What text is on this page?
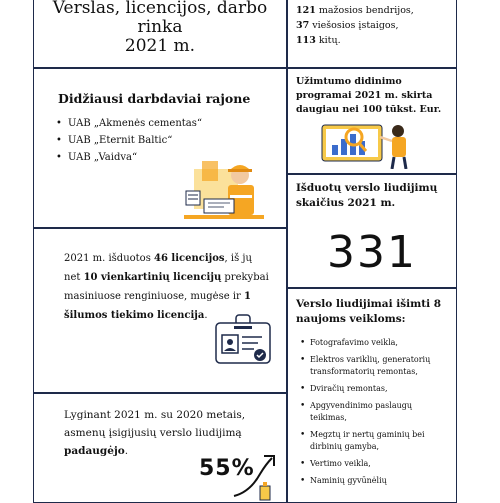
Verslas, licencijos, darbo
rinka
2021 m.
121 mažosios bendrijos,
37 viešosios įstaigos,
113 kitų.
Didžiausi darbdaviai rajone
• UAB „Akmenės cementas“
• UAB „Eternit Baltic“
• UAB „Vaidva“
Užimtumo didinimo programai 2021 m. skirta daugiau nei 100 tūkst. Eur.
Išduotų verslo liudijimų skaičius 2021 m.
331
2021 m. išduotos 46 licencijos, iš jų net 10 vienkartinių licencijų prekybai masiniuose renginiuose, mugėse ir 1 šilumos tiekimo licencija.
Verslo liudijimai išimti 8 naujoms veikloms:
• Fotografavimo veikla,
• Elektros variklių, generatorių transformatorių remontas,
• Dviračių remontas,
• Apgyvendinimo paslaugų teikimas,
• Megztų ir nertų gaminių bei dirbinių gamyba,
• Vertimo veikla,
• Naminių gyvūnėlių
Lyginant 2021 m. su 2020 metais, asmenų įsigijusių verslo liudijimą padaugėjo.
55%
